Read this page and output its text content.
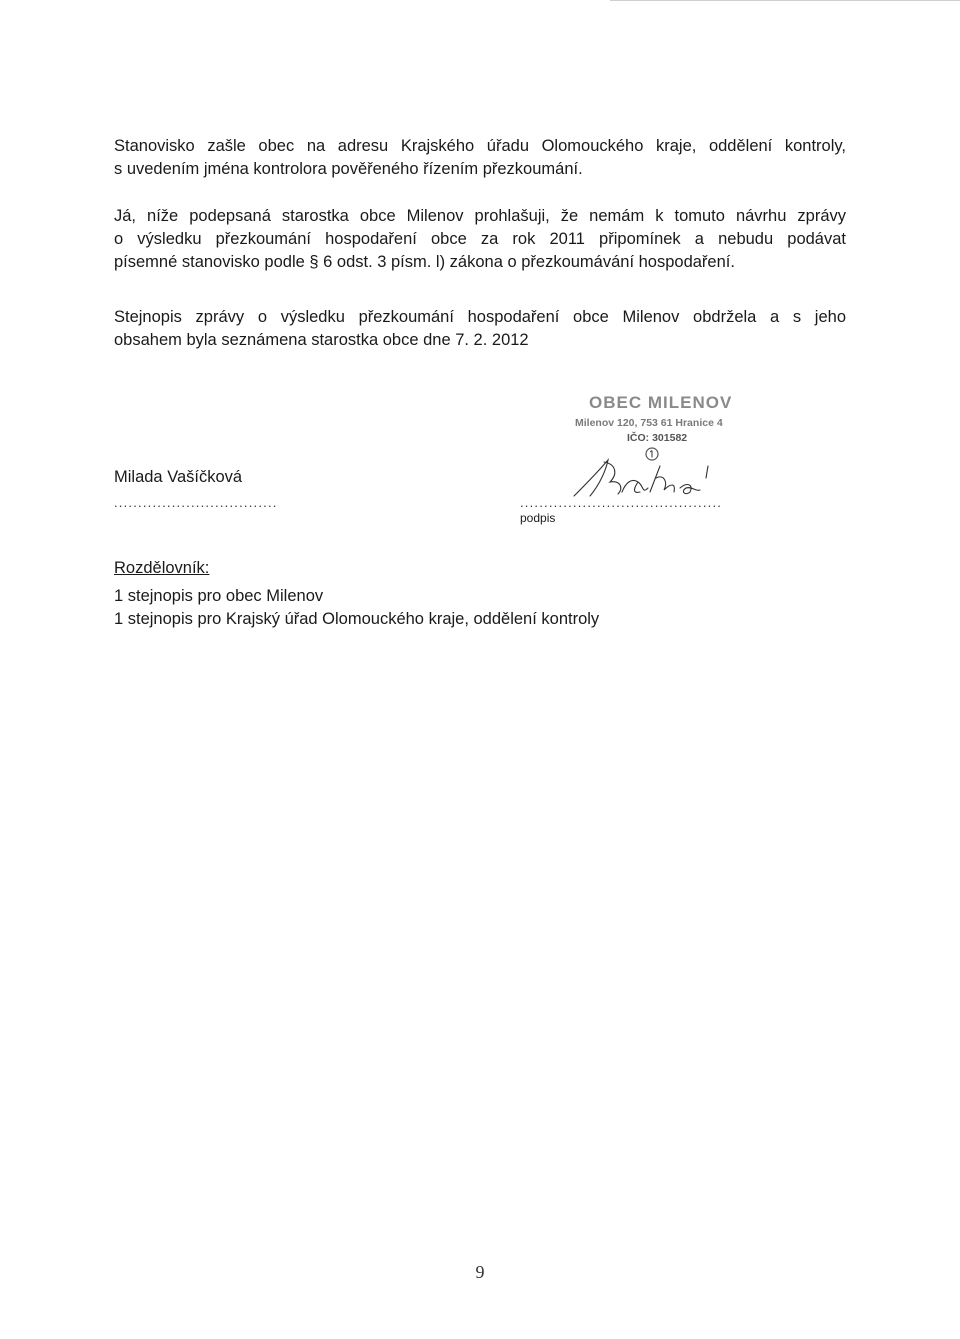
Stanovisko zašle obec na adresu Krajského úřadu Olomouckého kraje, oddělení kontroly,
s uvedením jména kontrolora pověřeného řízením přezkoumání.

Já, níže podepsaná starostka obce Milenov prohlašuji, že nemám k tomuto návrhu zprávy
o výsledku přezkoumání hospodaření obce za rok 2011 připomínek a nebudu podávat
písemné stanovisko podle § 6 odst. 3 písm. l) zákona o přezkoumávání hospodaření.

Stejnopis zprávy o výsledku přezkoumání hospodaření obce Milenov obdržela a s jeho
obsahem byla seznámena starostka obce dne 7. 2. 2012

Milada Vašíčková

..................................
OBEC MILENOV
Milenov 120, 753 61 Hranice 4
IČO: 301582
..........................................

podpis

Rozdělovník:

1 stejnopis pro obec Milenov
1 stejnopis pro Krajský úřad Olomouckého kraje, oddělení kontroly
9
